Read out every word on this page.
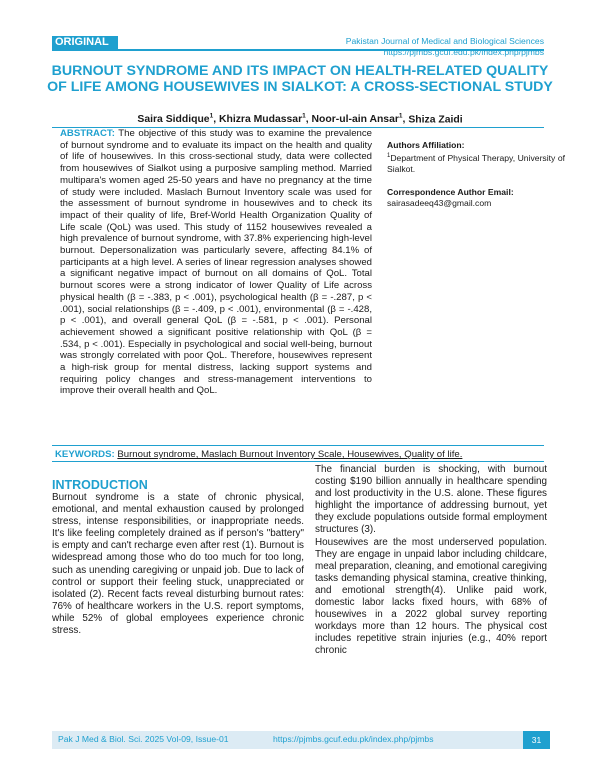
ORIGINAL	Pakistan Journal of Medical and Biological Sciences
https://pjmbs.gcuf.edu.pk/index.php/pjmbs
BURNOUT SYNDROME AND ITS IMPACT ON HEALTH-RELATED QUALITY OF LIFE AMONG HOUSEWIVES IN SIALKOT: A CROSS-SECTIONAL STUDY
Saira Siddique$^1$, Khizra Mudassar$^1$, Noor-ul-ain Ansar$^1$, Shiza Zaidi
ABSTRACT: The objective of this study was to examine the prevalence of burnout syndrome and to evaluate its impact on the health and quality of life of housewives. In this cross-sectional study, data were collected from housewives of Sialkot using a purposive sampling method. Married multipara's women aged 25-50 years and have no pregnancy at the time of study were included. Maslach Burnout Inventory scale was used for the assessment of burnout syndrome in housewives and to check its impact of their quality of life, Bref-World Health Organization Quality of Life scale (QoL) was used. This study of 1152 housewives revealed a high prevalence of burnout syndrome, with 37.8% experiencing high-level burnout. Depersonalization was particularly severe, affecting 84.1% of participants at a high level. A series of linear regression analyses showed a significant negative impact of burnout on all domains of QoL. Total burnout scores were a strong indicator of lower Quality of Life across physical health (β = -.383, p < .001), psychological health (β = -.287, p < .001), social relationships (β = -.409, p < .001), environmental (β = -.428, p < .001), and overall general QoL (β = -.581, p < .001). Personal achievement showed a significant positive relationship with QoL (β = .534, p < .001). Especially in psychological and social well-being, burnout was strongly correlated with poor QoL. Therefore, housewives represent a high-risk group for mental distress, lacking support systems and requiring policy changes and stress-management interventions to improve their overall health and QoL.
Authors Affiliation:
$^1$Department of Physical Therapy, University of Sialkot.
Correspondence Author Email:
sairasadeeq43@gmail.com
KEYWORDS: Burnout syndrome, Maslach Burnout Inventory Scale, Housewives, Quality of life.
INTRODUCTION

Burnout syndrome is a state of chronic physical, emotional, and mental exhaustion caused by prolonged stress, intense responsibilities, or inappropriate needs. It's like feeling completely drained as if person's "battery" is empty and can't recharge even after rest (1). Burnout is widespread among those who do too much for too long, such as unending caregiving or unpaid job. Due to lack of control or support their feeling stuck, unappreciated or isolated (2). Recent facts reveal disturbing burnout rates: 76% of healthcare workers in the U.S. report symptoms, while 52% of global employees experience chronic stress.

The financial burden is shocking, with burnout costing $190 billion annually in healthcare spending and lost productivity in the U.S. alone. These figures highlight the importance of addressing burnout, yet they exclude populations outside formal employment structures (3).

Housewives are the most underserved population. They are engage in unpaid labor including childcare, meal preparation, cleaning, and emotional caregiving tasks demanding physical stamina, creative thinking, and emotional strength(4). Unlike paid work, domestic labor lacks fixed hours, with 68% of housewives in a 2022 global survey reporting workdays more than 12 hours. The physical cost includes repetitive strain injuries (e.g., 40% report chronic

Pak J Med & Biol. Sci. 2025 Vol-09, Issue-01	https://pjmbs.gcuf.edu.pk/index.php/pjmbs	31
